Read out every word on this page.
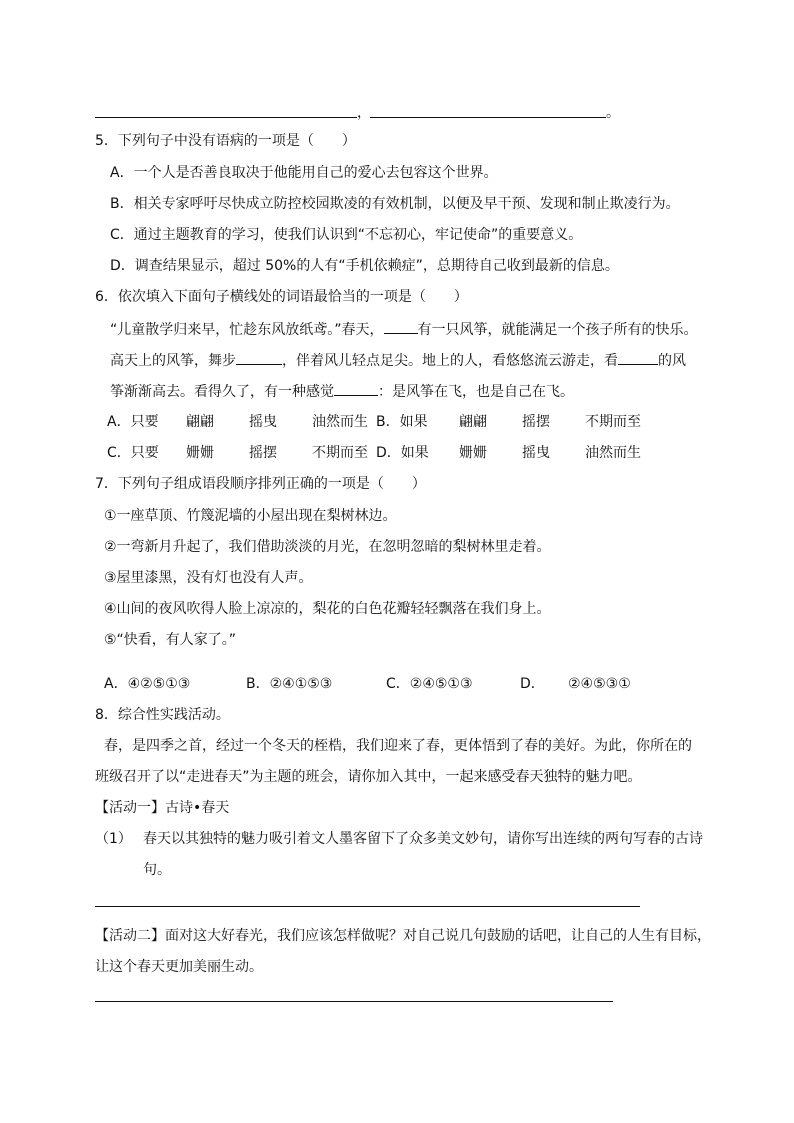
，	。
5．下列句子中没有语病的一项是（　　）
A．一个人是否善良取决于他能用自己的爱心去包容这个世界。
B．相关专家呼吁尽快成立防控校园欺凌的有效机制，以便及早干预、发现和制止欺凌行为。
C．通过主题教育的学习，使我们认识到“不忘初心，牢记使命”的重要意义。
D．调查结果显示，超过 50%的人有“手机依赖症”，总期待自己收到最新的信息。
6．依次填入下面句子横线处的词语最恰当的一项是（　　）
“儿童散学归来早，忙趁东风放纸鸢。”春天， 有一只风筝，就能满足一个孩子所有的快乐。
高天上的风筝，舞步	，伴着风儿轻点足尖。地上的人，看悠悠流云游走，看	的风
筝渐渐高去。看得久了，有一种感觉	：是风筝在飞，也是自己在飞。
A．只要 翩翩	摇曳	油然而生 B．如果 翩翩	摇摆	不期而至
C．只要 姗姗	摇摆	不期而至 D．如果 姗姗	摇曳	油然而生
7．下列句子组成语段顺序排列正确的一项是（　　）
①一座草顶、竹篾泥墙的小屋出现在梨树林边。
②一弯新月升起了，我们借助淡淡的月光，在忽明忽暗的梨树林里走着。
③屋里漆黑，没有灯也没有人声。
④山间的夜风吹得人脸上凉凉的，梨花的白色花瓣轻轻飘落在我们身上。
⑤“快看，有人家了。”
A．④②⑤①③	B．②④①⑤③	C．②④⑤①③	D． ②④⑤③①
8．综合性实践活动。
春，是四季之首，经过一个冬天的桎梏，我们迎来了春，更体悟到了春的美好。为此，你所在的
班级召开了以“走进春天”为主题的班会，请你加入其中，一起来感受春天独特的魅力吧。
【活动一】古诗•春天
（1） 春天以其独特的魅力吸引着文人墨客留下了众多美文妙句，请你写出连续的两句写春的古诗
句。
【活动二】面对这大好春光，我们应该怎样做呢？对自己说几句鼓励的话吧，让自己的人生有目标，
让这个春天更加美丽生动。
